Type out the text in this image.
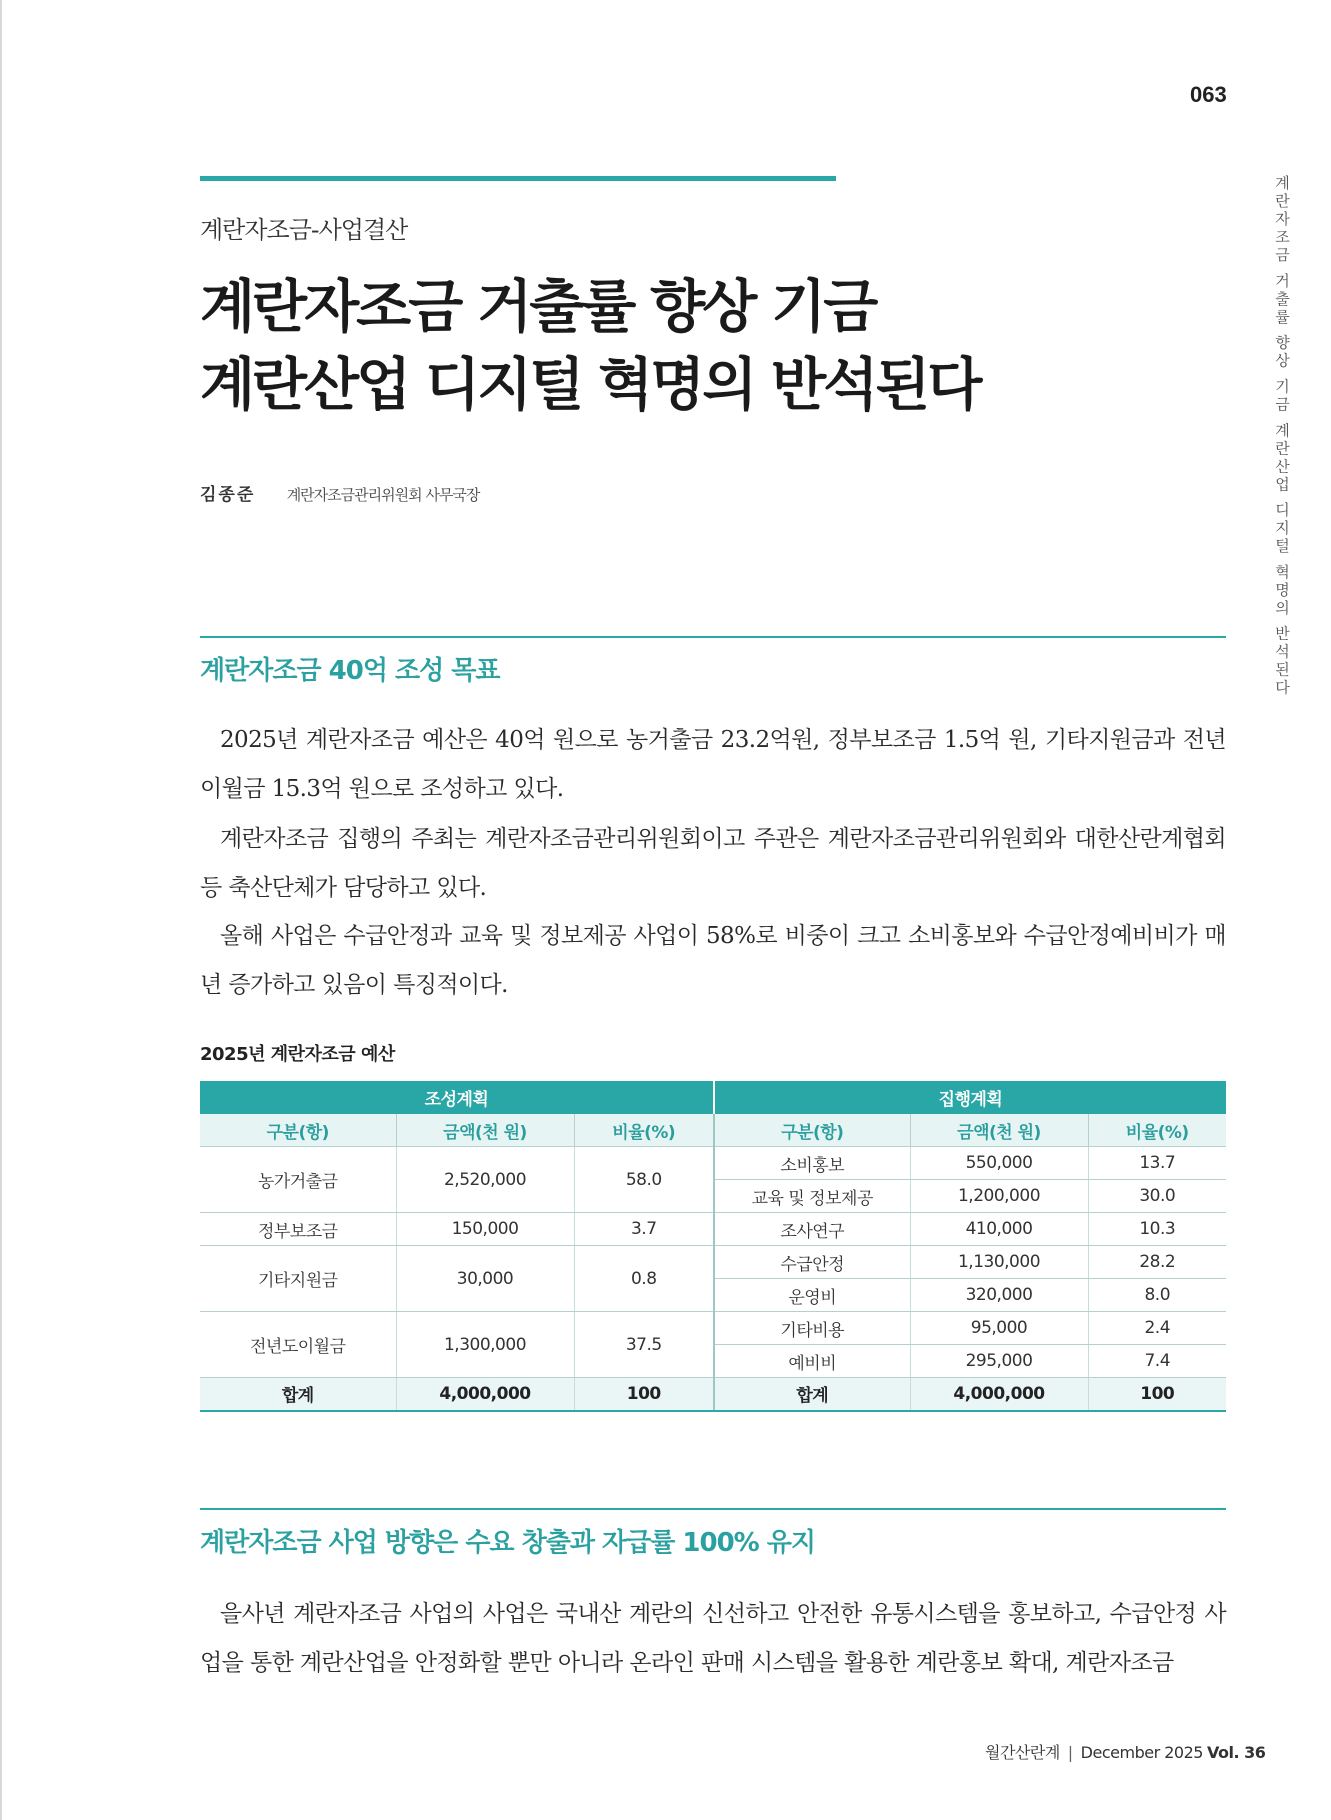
063
계란자조금 거출률 향상 기금 계란산업 디지털 혁명의 반석된다
계란자조금-사업결산
계란자조금 거출률 향상 기금
계란산업 디지털 혁명의 반석된다
김종준 계란자조금관리위원회 사무국장
계란자조금 40억 조성 목표

2025년 계란자조금 예산은 40억 원으로 농거출금 23.2억원, 정부보조금 1.5억 원, 기타지원금과 전년이월금 15.3억 원으로 조성하고 있다.

계란자조금 집행의 주최는 계란자조금관리위원회이고 주관은 계란자조금관리위원회와 대한산란계협회 등 축산단체가 담당하고 있다.

올해 사업은 수급안정과 교육 및 정보제공 사업이 58%로 비중이 크고 소비홍보와 수급안정예비비가 매년 증가하고 있음이 특징적이다.

2025년 계란자조금 예산
조성계획			집행계획		
구분(항)	금액(천 원)	비율(%)	구분(항)	금액(천 원)	비율(%)
농가거출금	2,520,000	58.0	소비홍보	550,000	13.7
			교육 및 정보제공	1,200,000	30.0
정부보조금	150,000	3.7	조사연구	410,000	10.3
기타지원금	30,000	0.8	수급안정	1,130,000	28.2
			운영비	320,000	8.0
전년도이월금	1,300,000	37.5	기타비용	95,000	2.4
			예비비	295,000	7.4
합계	4,000,000	100	합계	4,000,000	100
계란자조금 사업 방향은 수요 창출과 자급률 100% 유지

을사년 계란자조금 사업의 사업은 국내산 계란의 신선하고 안전한 유통시스템을 홍보하고, 수급안정 사업을 통한 계란산업을 안정화할 뿐만 아니라 온라인 판매 시스템을 활용한 계란홍보 확대, 계란자조금

월간산란계 | December 2025 Vol. 36
